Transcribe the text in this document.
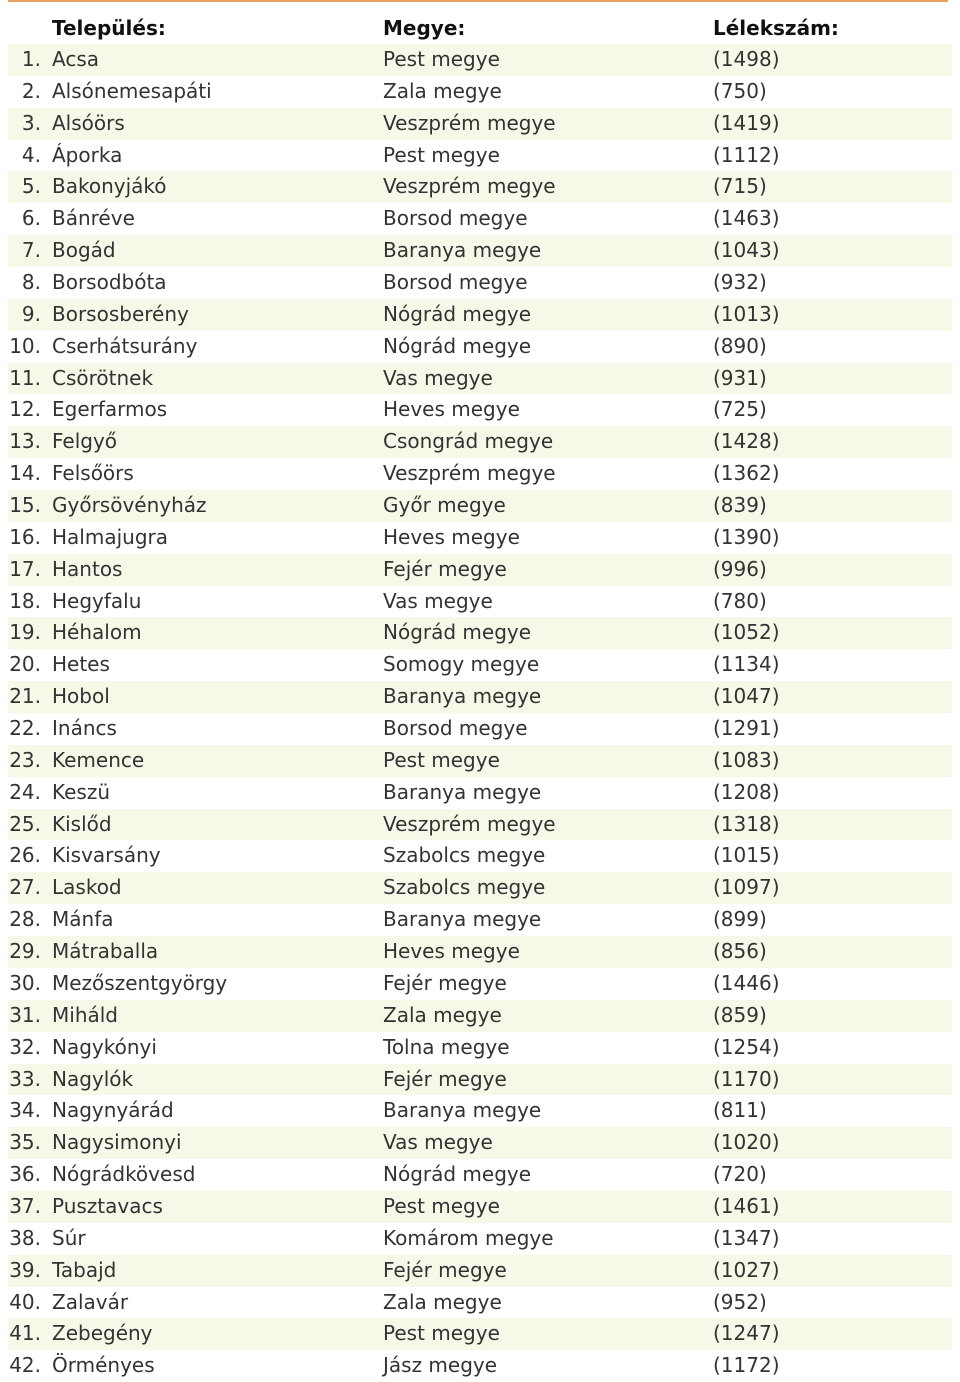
Település:	Megye:	Lélekszám:
1. Acsa	Pest megye	(1498)
2. Alsónemesapáti	Zala megye	(750)
3. Alsóörs	Veszprém megye	(1419)
4. Áporka	Pest megye	(1112)
5. Bakonyjákó	Veszprém megye	(715)
6. Bánréve	Borsod megye	(1463)
7. Bogád	Baranya megye	(1043)
8. Borsodbóta	Borsod megye	(932)
9. Borsosberény	Nógrád megye	(1013)
10. Cserhátsurány	Nógrád megye	(890)
11. Csörötnek	Vas megye	(931)
12. Egerfarmos	Heves megye	(725)
13. Felgyő	Csongrád megye	(1428)
14. Felsőörs	Veszprém megye	(1362)
15. Győrsövényház	Győr megye	(839)
16. Halmajugra	Heves megye	(1390)
17. Hantos	Fejér megye	(996)
18. Hegyfalu	Vas megye	(780)
19. Héhalom	Nógrád megye	(1052)
20. Hetes	Somogy megye	(1134)
21. Hobol	Baranya megye	(1047)
22. Ináncs	Borsod megye	(1291)
23. Kemence	Pest megye	(1083)
24. Keszü	Baranya megye	(1208)
25. Kislőd	Veszprém megye	(1318)
26. Kisvarsány	Szabolcs megye	(1015)
27. Laskod	Szabolcs megye	(1097)
28. Mánfa	Baranya megye	(899)
29. Mátraballa	Heves megye	(856)
30. Mezőszentgyörgy	Fejér megye	(1446)
31. Miháld	Zala megye	(859)
32. Nagykónyi	Tolna megye	(1254)
33. Nagylók	Fejér megye	(1170)
34. Nagynyárád	Baranya megye	(811)
35. Nagysimonyi	Vas megye	(1020)
36. Nógrádkövesd	Nógrád megye	(720)
37. Pusztavacs	Pest megye	(1461)
38. Súr	Komárom megye	(1347)
39. Tabajd	Fejér megye	(1027)
40. Zalavár	Zala megye	(952)
41. Zebegény	Pest megye	(1247)
42. Örményes	Jász megye	(1172)
